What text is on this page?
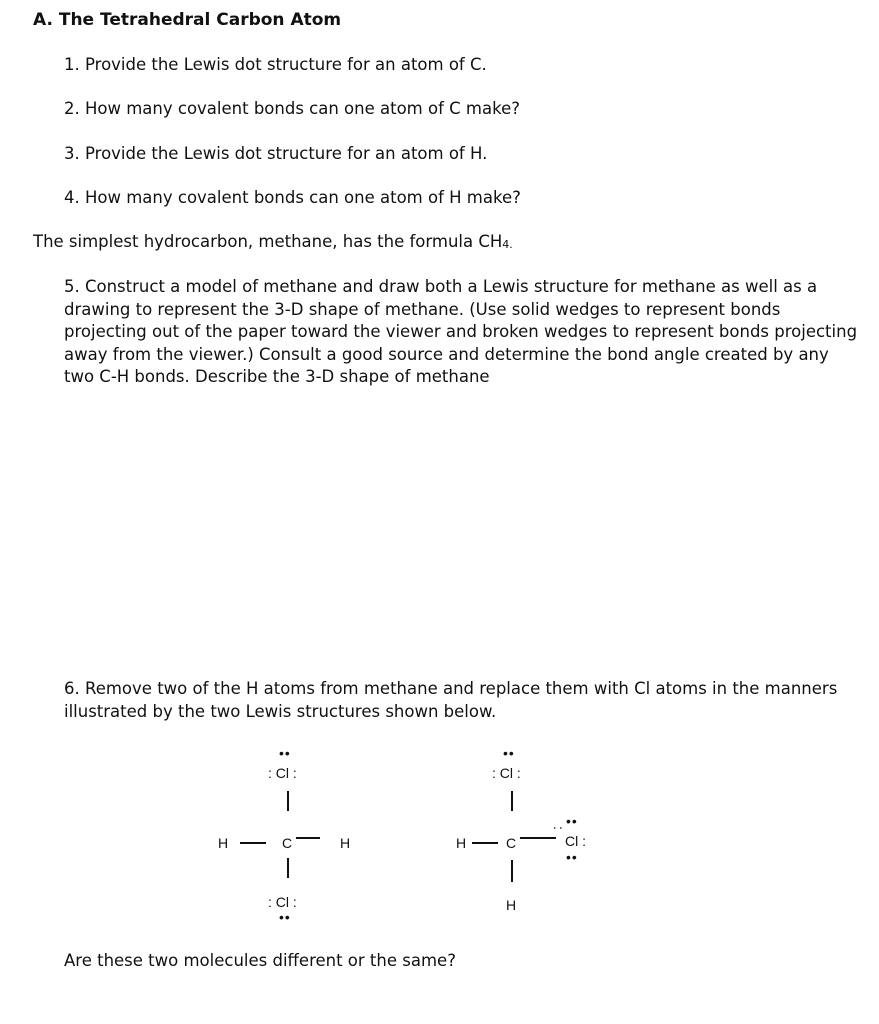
A. The Tetrahedral Carbon Atom
1. Provide the Lewis dot structure for an atom of C.
2. How many covalent bonds can one atom of C make?
3. Provide the Lewis dot structure for an atom of H.
4. How many covalent bonds can one atom of H make?
The simplest hydrocarbon, methane, has the formula $CH_{4.}$
5. Construct a model of methane and draw both a Lewis structure for methane as well as a drawing to represent the 3-D shape of methane. (Use solid wedges to represent bonds projecting out of the paper toward the viewer and broken wedges to represent bonds projecting away from the viewer.) Consult a good source and determine the bond angle created by any two C-H bonds. Describe the 3-D shape of methane
6. Remove two of the H atoms from methane and replace them with Cl atoms in the manners illustrated by the two Lewis structures shown below.
••
: Cl :
H	C	H
: Cl :
••
••
: Cl :
H	C
: ••
Cl :
••
H
Are these two molecules different or the same?
